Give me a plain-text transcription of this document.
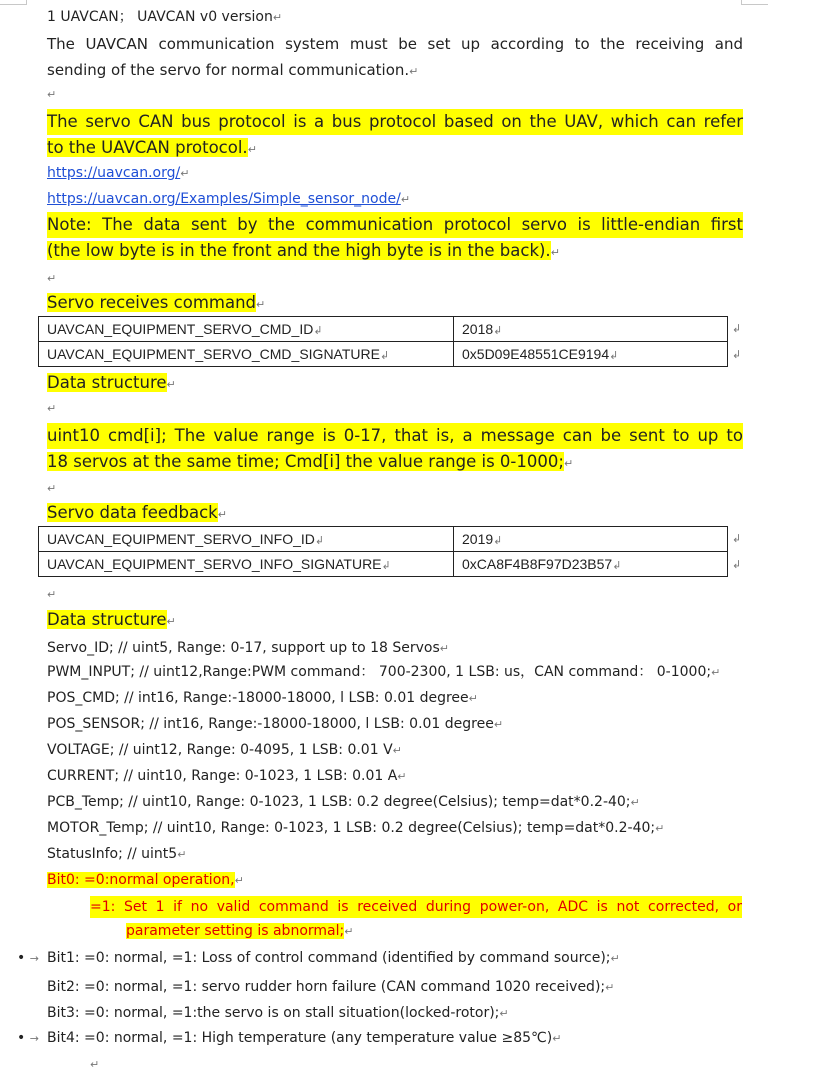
1 UAVCAN； UAVCAN v0 version↵
The UAVCAN communication system must be set up according to the receiving and
sending of the servo for normal communication.↵
↵
The servo CAN bus protocol is a bus protocol based on the UAV, which can refer
to the UAVCAN protocol.↵
https://uavcan.org/↵
https://uavcan.org/Examples/Simple_sensor_node/↵
Note: The data sent by the communication protocol servo is little-endian first
(the low byte is in the front and the high byte is in the back).↵
↵
Servo receives command↵
UAVCAN_EQUIPMENT_SERVO_CMD_ID↲	2018↲
UAVCAN_EQUIPMENT_SERVO_CMD_SIGNATURE↲	0x5D09E48551CE9194↲
↲
↲
Data structure↵
↵
uint10 cmd[i]; The value range is 0-17, that is, a message can be sent to up to
18 servos at the same time; Cmd[i] the value range is 0-1000;↵
↵
Servo data feedback↵
UAVCAN_EQUIPMENT_SERVO_INFO_ID↲	2019↲
UAVCAN_EQUIPMENT_SERVO_INFO_SIGNATURE↲	0xCA8F4B8F97D23B57↲
↲
↲
↵
Data structure↵
Servo_ID; // uint5, Range: 0-17, support up to 18 Servos↵
PWM_INPUT; // uint12,Range:PWM command： 700-2300, 1 LSB: us，CAN command： 0-1000;↵
POS_CMD; // int16, Range:-18000-18000, l LSB: 0.01 degree↵
POS_SENSOR; // int16, Range:-18000-18000, l LSB: 0.01 degree↵
VOLTAGE; // uint12, Range: 0-4095, 1 LSB: 0.01 V↵
CURRENT; // uint10, Range: 0-1023, 1 LSB: 0.01 A↵
PCB_Temp; // uint10, Range: 0-1023, 1 LSB: 0.2 degree(Celsius); temp=dat*0.2-40;↵
MOTOR_Temp; // uint10, Range: 0-1023, 1 LSB: 0.2 degree(Celsius); temp=dat*0.2-40;↵
StatusInfo; // uint5↵
Bit0: =0:normal operation,↵
=1: Set 1 if no valid command is received during power-on, ADC is not corrected, or
parameter setting is abnormal;↵
• → Bit1: =0: normal, =1: Loss of control command (identified by command source);↵
Bit2: =0: normal, =1: servo rudder horn failure (CAN command 1020 received);↵
Bit3: =0: normal, =1:the servo is on stall situation(locked-rotor);↵
• → Bit4: =0: normal, =1: High temperature (any temperature value ≥85℃)↵
↵
